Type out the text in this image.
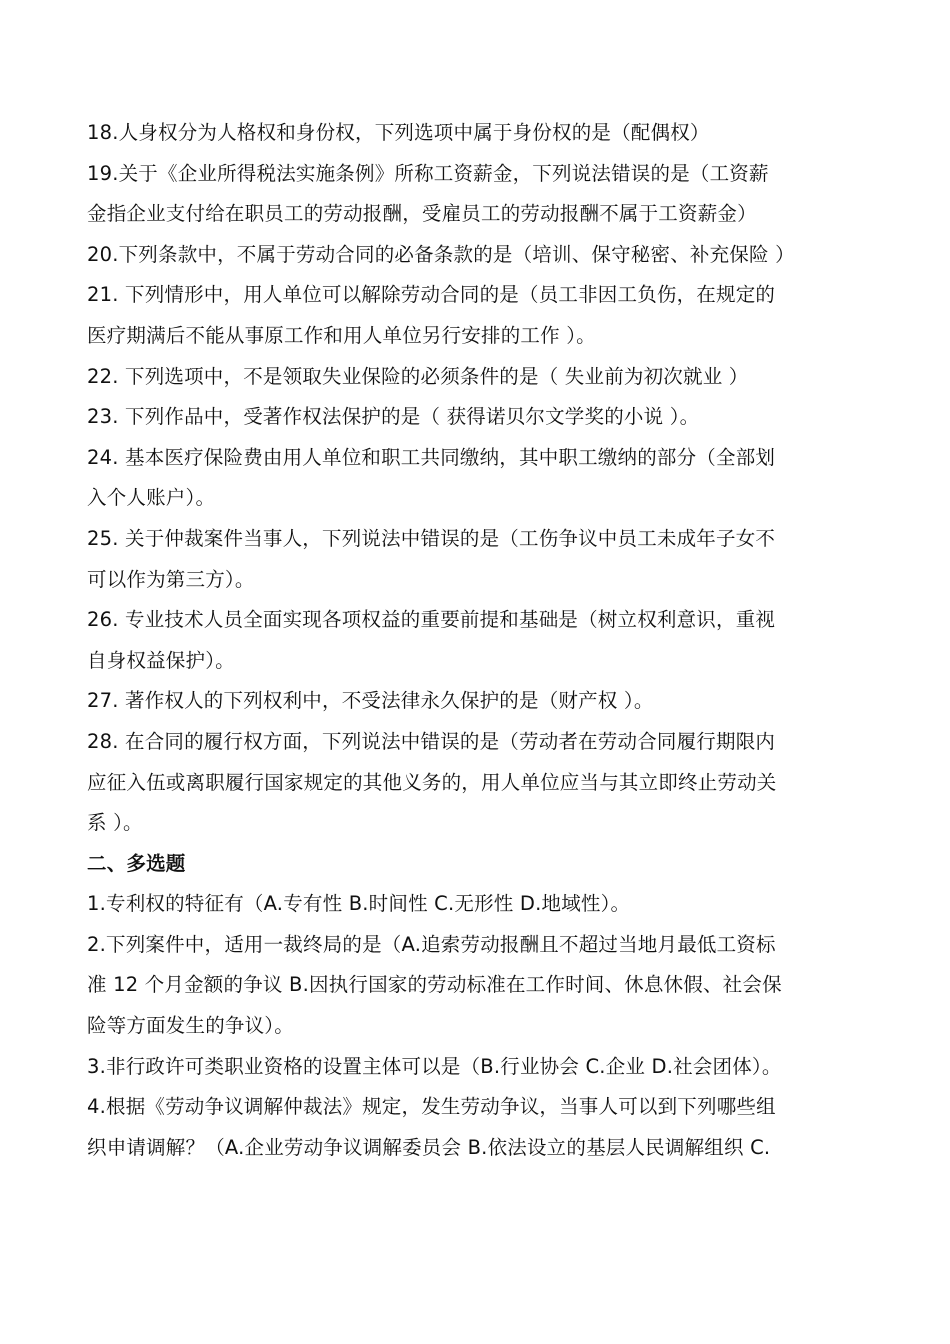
18.人身权分为人格权和身份权，下列选项中属于身份权的是（配偶权）
19.关于《企业所得税法实施条例》所称工资薪金，下列说法错误的是（工资薪
金指企业支付给在职员工的劳动报酬，受雇员工的劳动报酬不属于工资薪金）
20.下列条款中，不属于劳动合同的必备条款的是（培训、保守秘密、补充保险 ）
21. 下列情形中，用人单位可以解除劳动合同的是（员工非因工负伤，在规定的
医疗期满后不能从事原工作和用人单位另行安排的工作 ）。
22. 下列选项中，不是领取失业保险的必须条件的是（ 失业前为初次就业 ）
23. 下列作品中，受著作权法保护的是（ 获得诺贝尔文学奖的小说 ）。
24. 基本医疗保险费由用人单位和职工共同缴纳，其中职工缴纳的部分（全部划
入个人账户）。
25. 关于仲裁案件当事人，下列说法中错误的是（工伤争议中员工未成年子女不
可以作为第三方）。
26. 专业技术人员全面实现各项权益的重要前提和基础是（树立权利意识，重视
自身权益保护）。
27. 著作权人的下列权利中，不受法律永久保护的是（财产权 ）。
28. 在合同的履行权方面，下列说法中错误的是（劳动者在劳动合同履行期限内
应征入伍或离职履行国家规定的其他义务的，用人单位应当与其立即终止劳动关
系 ）。
二、多选题
1.专利权的特征有（A.专有性 B.时间性 C.无形性 D.地域性）。
2.下列案件中，适用一裁终局的是（A.追索劳动报酬且不超过当地月最低工资标
准 12 个月金额的争议 B.因执行国家的劳动标准在工作时间、休息休假、社会保
险等方面发生的争议）。
3.非行政许可类职业资格的设置主体可以是（B.行业协会 C.企业 D.社会团体）。
4.根据《劳动争议调解仲裁法》规定，发生劳动争议，当事人可以到下列哪些组
织申请调解？（A.企业劳动争议调解委员会 B.依法设立的基层人民调解组织 C.
